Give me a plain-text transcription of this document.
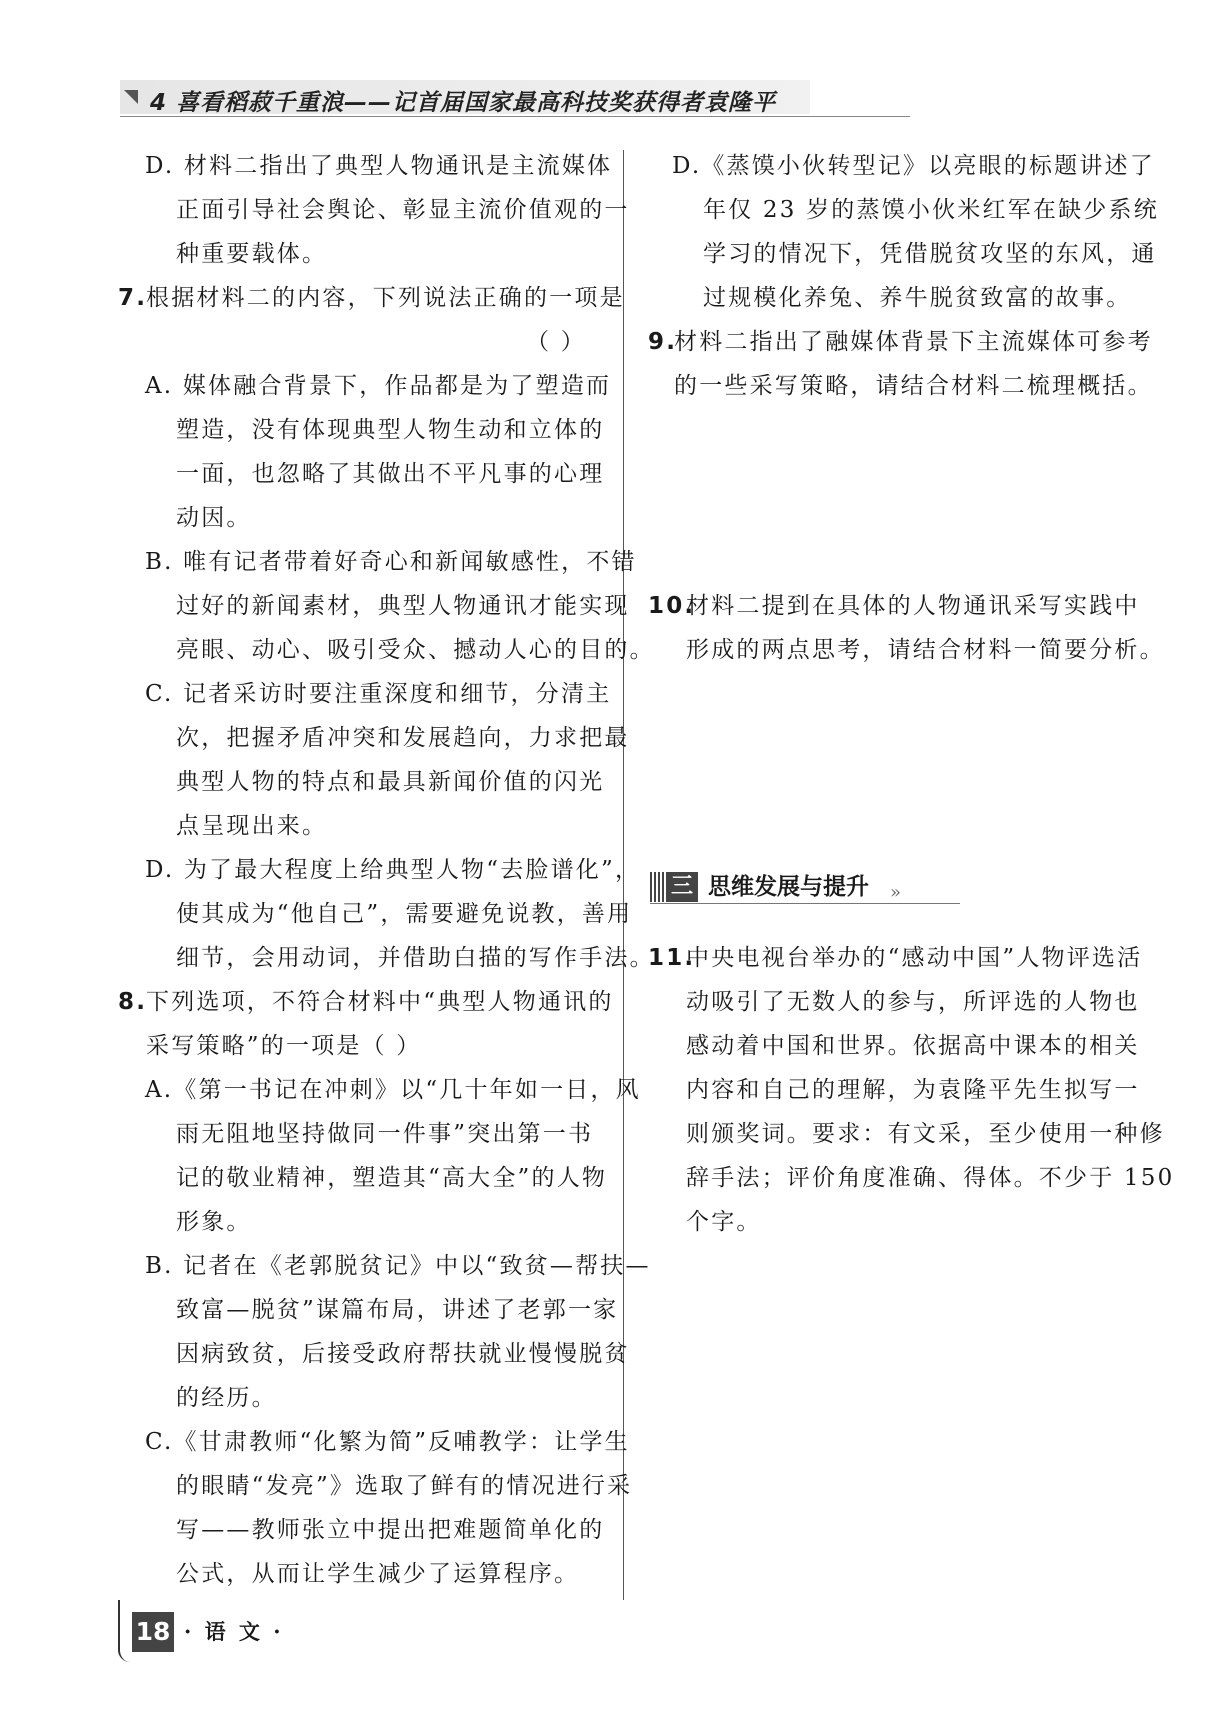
4 喜看稻菽千重浪——记首届国家最高科技奖获得者袁隆平
D. 材料二指出了典型人物通讯是主流媒体
正面引导社会舆论、彰显主流价值观的一
种重要载体。
7.
根据材料二的内容，下列说法正确的一项是
（ ）
A. 媒体融合背景下，作品都是为了塑造而
塑造，没有体现典型人物生动和立体的
一面，也忽略了其做出不平凡事的心理
动因。
B. 唯有记者带着好奇心和新闻敏感性，不错
过好的新闻素材，典型人物通讯才能实现
亮眼、动心、吸引受众、撼动人心的目的。
C. 记者采访时要注重深度和细节，分清主
次，把握矛盾冲突和发展趋向，力求把最
典型人物的特点和最具新闻价值的闪光
点呈现出来。
D. 为了最大程度上给典型人物“去脸谱化”，
使其成为“他自己”，需要避免说教，善用
细节，会用动词，并借助白描的写作手法。
8.
下列选项，不符合材料中“典型人物通讯的
采写策略”的一项是（ ）
A.《第一书记在冲刺》以“几十年如一日，风
雨无阻地坚持做同一件事”突出第一书
记的敬业精神，塑造其“高大全”的人物
形象。
B. 记者在《老郭脱贫记》中以“致贫—帮扶—
致富—脱贫”谋篇布局，讲述了老郭一家
因病致贫，后接受政府帮扶就业慢慢脱贫
的经历。
C.《甘肃教师“化繁为简”反哺教学：让学生
的眼睛“发亮”》选取了鲜有的情况进行采
写——教师张立中提出把难题简单化的
公式，从而让学生减少了运算程序。
D.《蒸馍小伙转型记》以亮眼的标题讲述了
年仅 23 岁的蒸馍小伙米红军在缺少系统
学习的情况下，凭借脱贫攻坚的东风，通
过规模化养兔、养牛脱贫致富的故事。
9.
材料二指出了融媒体背景下主流媒体可参考
的一些采写策略，请结合材料二梳理概括。
10.
材料二提到在具体的人物通讯采写实践中
形成的两点思考，请结合材料一简要分析。
三 思维发展与提升 »
11.
中央电视台举办的“感动中国”人物评选活
动吸引了无数人的参与，所评选的人物也
感动着中国和世界。依据高中课本的相关
内容和自己的理解，为袁隆平先生拟写一
则颁奖词。要求：有文采，至少使用一种修
辞手法；评价角度准确、得体。不少于 150
个字。
18 · 语 文 ·
